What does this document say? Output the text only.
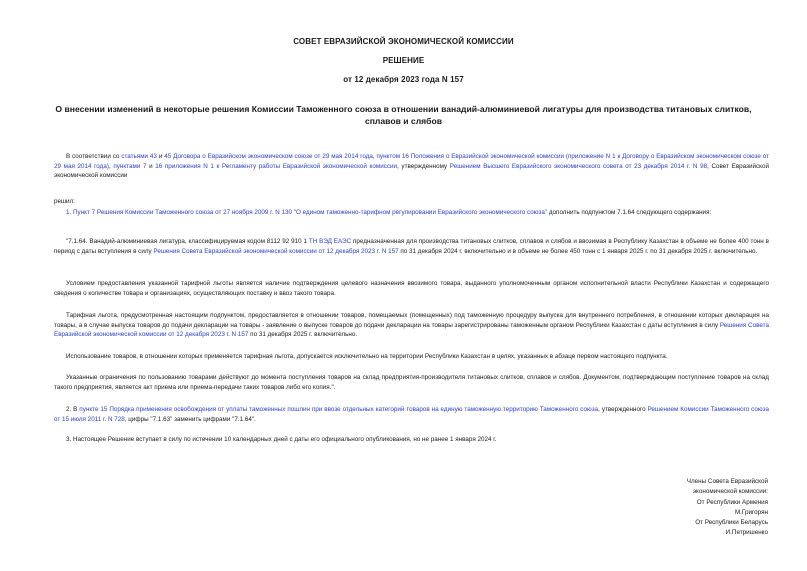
СОВЕТ ЕВРАЗИЙСКОЙ ЭКОНОМИЧЕСКОЙ КОМИССИИ
РЕШЕНИЕ
от 12 декабря 2023 года N 157
О внесении изменений в некоторые решения Комиссии Таможенного союза в отношении ванадий-алюминиевой лигатуры для производства титановых слитков,
сплавов и слябов
В соответствии со статьями 43 и 45 Договора о Евразийском экономическом союзе от 29 мая 2014 года, пунктом 16 Положения о Евразийской экономической комиссии (приложение N 1 к Договору о Евразийском экономическом союзе от 29 мая 2014 года), пунктами 7 и 16 приложения N 1 к Регламенту работы Евразийской экономической комиссии, утвержденному Решением Высшего Евразийского экономического совета от 23 декабря 2014 г. N 98, Совет Евразийской экономической комиссии
решил:
1. Пункт 7 Решения Комиссии Таможенного союза от 27 ноября 2009 г. N 130 "О едином таможенно-тарифном регулировании Евразийского экономического союза" дополнить подпунктом 7.1.64 следующего содержания:
"7.1.64. Ванадий-алюминиевая лигатура, классифицируемая кодом 8112 92 910 1 ТН ВЭД ЕАЭС предназначенная для производства титановых слитков, сплавов и слябов и ввозимая в Республику Казахстан в объеме не более 400 тонн в период с даты вступления в силу Решения Совета Евразийской экономической комиссии от 12 декабря 2023 г. N 157 по 31 декабря 2024 г. включительно и в объеме не более 450 тонн с 1 января 2025 г. по 31 декабря 2025 г. включительно.
Условием предоставления указанной тарифной льготы является наличие подтверждения целевого назначения ввозимого товара, выданного уполномоченным органом исполнительной власти Республики Казахстан и содержащего сведения о количестве товара и организациях, осуществляющих поставку и ввоз такого товара.
Тарифная льгота, предусмотренная настоящим подпунктом, предоставляется в отношении товаров, помещаемых (помещенных) под таможенную процедуру выпуска для внутреннего потребления, в отношении которых декларация на товары, а в случае выпуска товаров до подачи декларации на товары - заявление о выпуске товаров до подачи декларации на товары зарегистрированы таможенным органом Республики Казахстан с даты вступления в силу Решения Совета Евразийской экономической комиссии от 12 декабря 2023 г. N 157 по 31 декабря 2025 г. включительно.
Использование товаров, в отношении которых применяется тарифная льгота, допускается исключительно на территории Республики Казахстан в целях, указанных в абзаце первом настоящего подпункта.
Указанные ограничения по пользованию товарами действуют до момента поступления товаров на склад предприятия-производителя титановых слитков, сплавов и слябов. Документом, подтверждающим поступление товаров на склад такого предприятия, является акт приема или приема-передачи таких товаров либо его копия.".
2. В пункте 15 Порядка применения освобождения от уплаты таможенных пошлин при ввозе отдельных категорий товаров на единую таможенную территорию Таможенного союза, утвержденного Решением Комиссии Таможенного союза от 15 июля 2011 г. N 728, цифры "7.1.63" заменить цифрами "7.1.64".
3. Настоящее Решение вступает в силу по истечении 10 календарных дней с даты его официального опубликования, но не ранее 1 января 2024 г.
Члены Совета Евразийской
экономической комиссии:
От Республики Армения
М.Григорян
От Республики Беларусь
И.Петришенко
